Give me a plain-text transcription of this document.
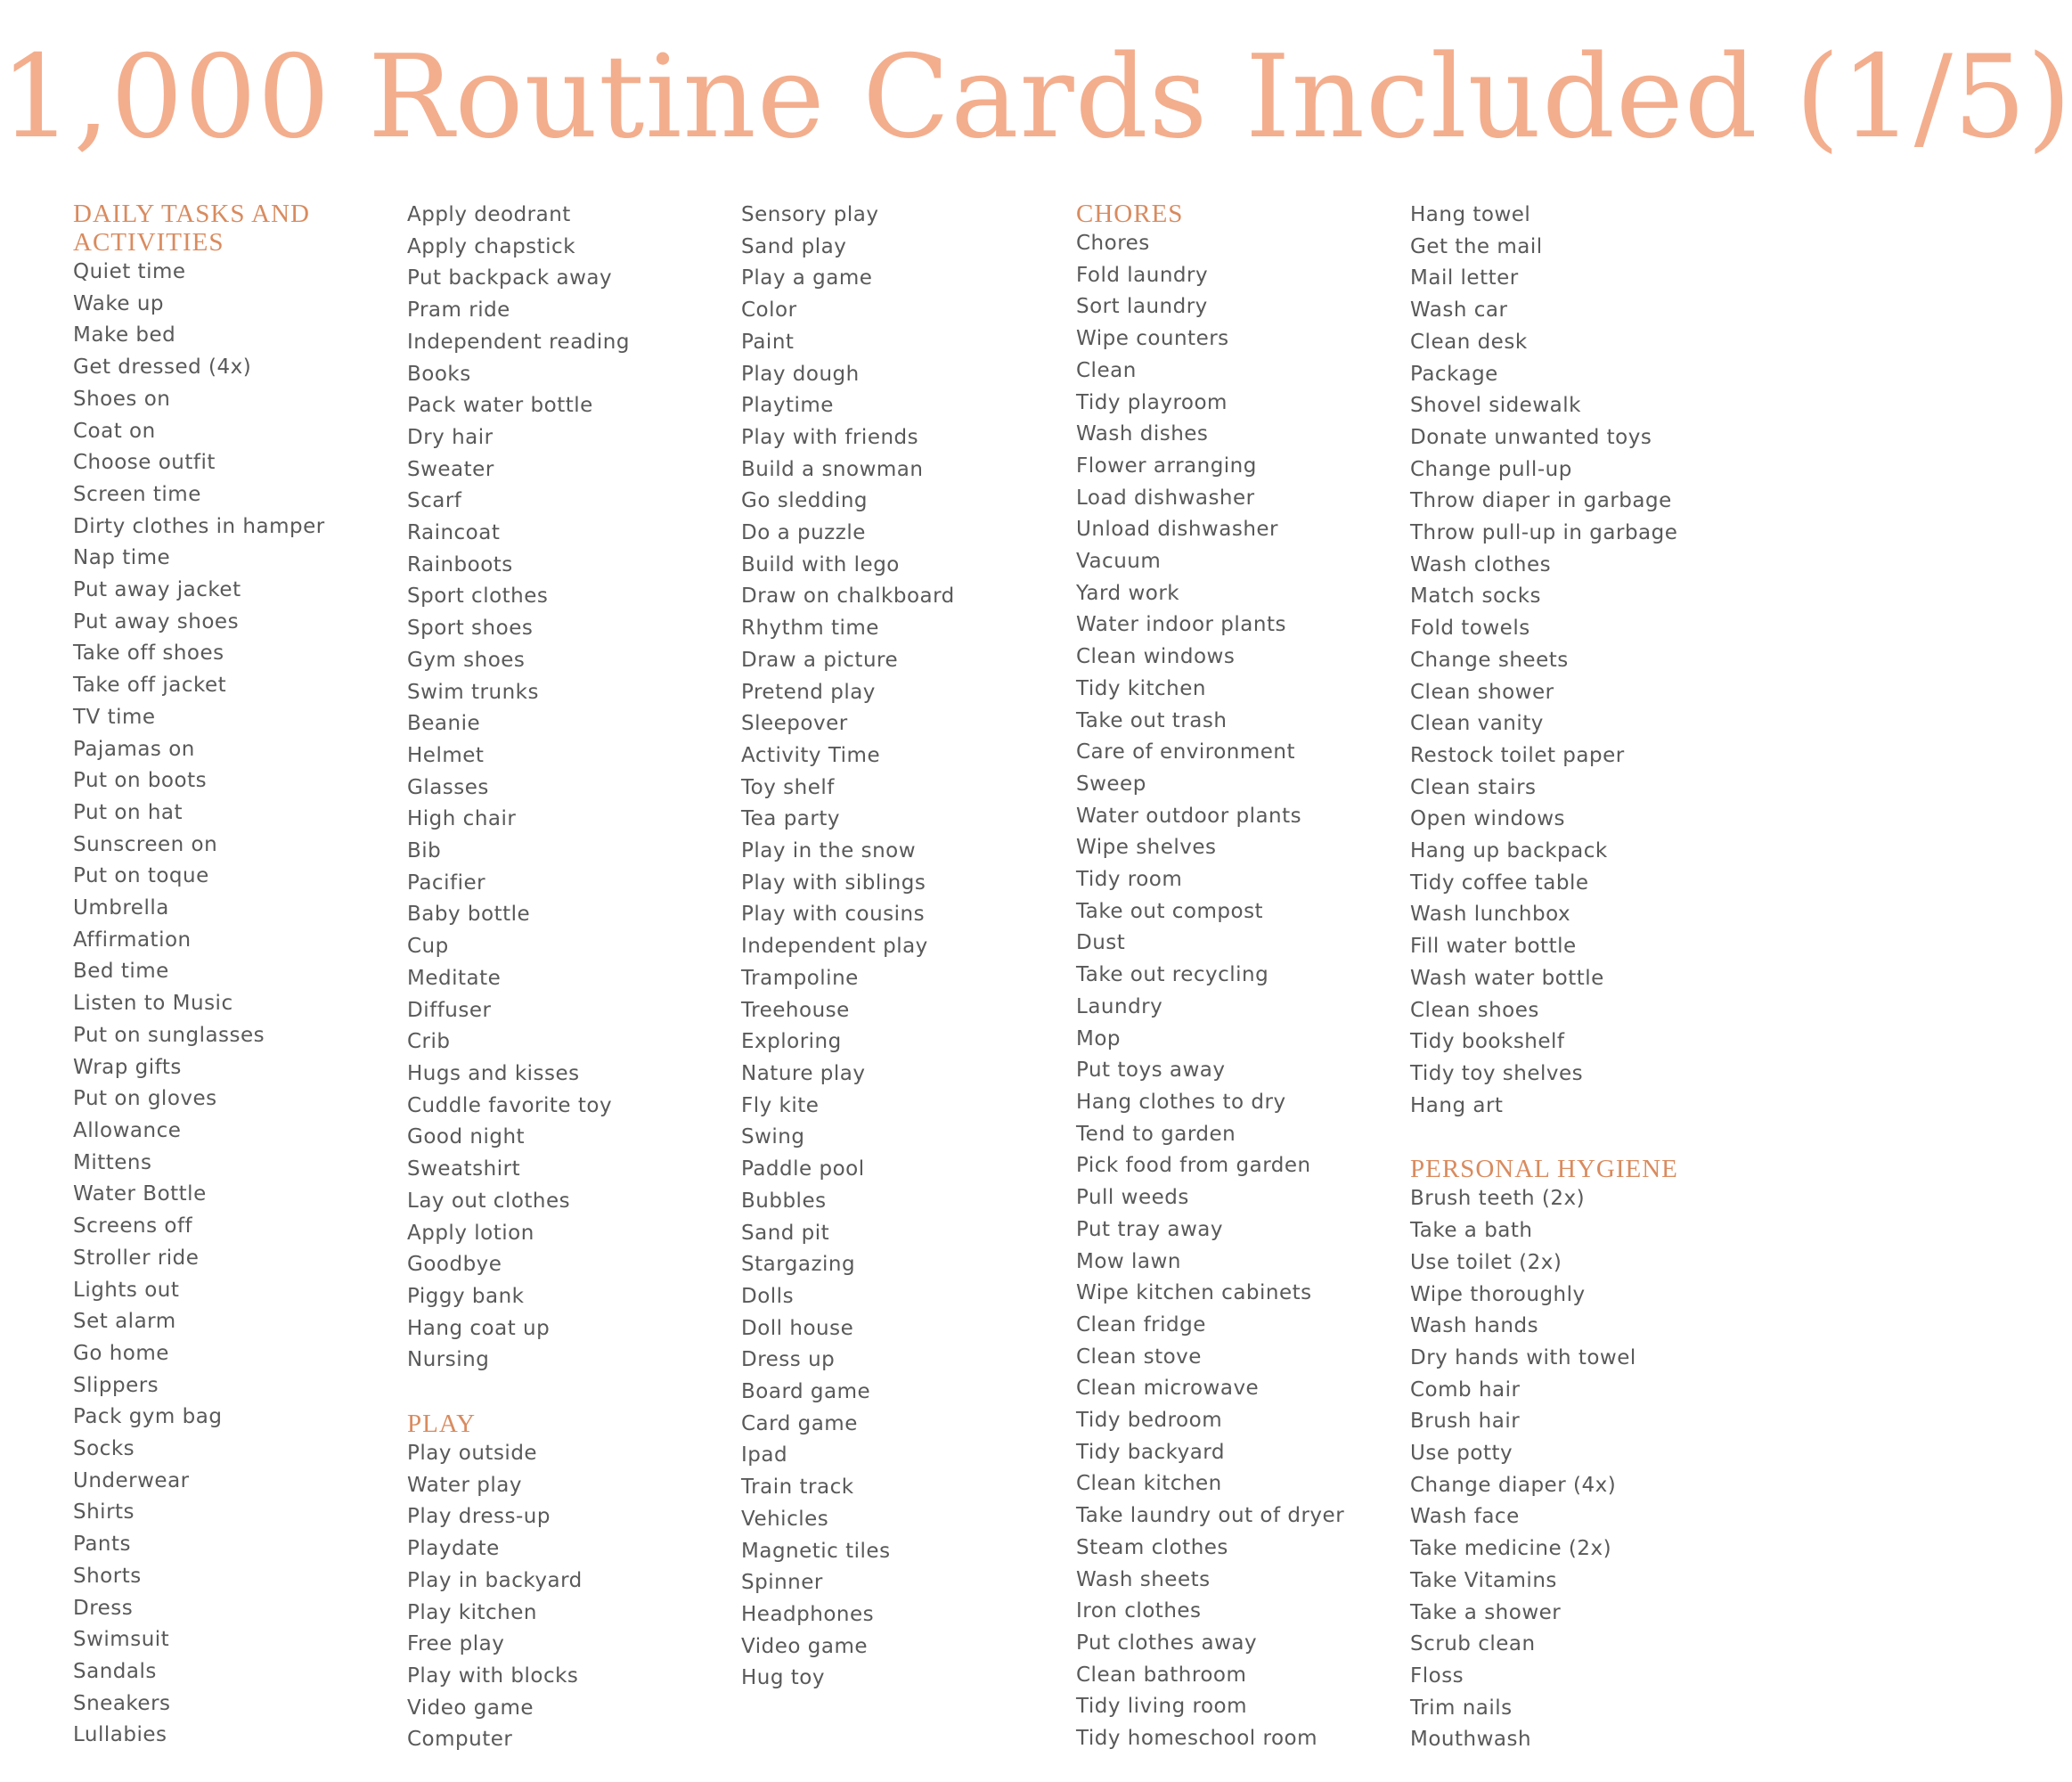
1,000 Routine Cards Included (1/5)
DAILY TASKS AND ACTIVITIES
Quiet time
Wake up
Make bed
Get dressed (4x)
Shoes on
Coat on
Choose outfit
Screen time
Dirty clothes in hamper
Nap time
Put away jacket
Put away shoes
Take off shoes
Take off jacket
TV time
Pajamas on
Put on boots
Put on hat
Sunscreen on
Put on toque
Umbrella
Affirmation
Bed time
Listen to Music
Put on sunglasses
Wrap gifts
Put on gloves
Allowance
Mittens
Water Bottle
Screens off
Stroller ride
Lights out
Set alarm
Go home
Slippers
Pack gym bag
Socks
Underwear
Shirts
Pants
Shorts
Dress
Swimsuit
Sandals
Sneakers
Lullabies
Apply deodrant
Apply chapstick
Put backpack away
Pram ride
Independent reading
Books
Pack water bottle
Dry hair
Sweater
Scarf
Raincoat
Rainboots
Sport clothes
Sport shoes
Gym shoes
Swim trunks
Beanie
Helmet
Glasses
High chair
Bib
Pacifier
Baby bottle
Cup
Meditate
Diffuser
Crib
Hugs and kisses
Cuddle favorite toy
Good night
Sweatshirt
Lay out clothes
Apply lotion
Goodbye
Piggy bank
Hang coat up
Nursing
PLAY
Play outside
Water play
Play dress-up
Playdate
Play in backyard
Play kitchen
Free play
Play with blocks
Video game
Computer
Sensory play
Sand play
Play a game
Color
Paint
Play dough
Playtime
Play with friends
Build a snowman
Go sledding
Do a puzzle
Build with lego
Draw on chalkboard
Rhythm time
Draw a picture
Pretend play
Sleepover
Activity Time
Toy shelf
Tea party
Play in the snow
Play with siblings
Play with cousins
Independent play
Trampoline
Treehouse
Exploring
Nature play
Fly kite
Swing
Paddle pool
Bubbles
Sand pit
Stargazing
Dolls
Doll house
Dress up
Board game
Card game
Ipad
Train track
Vehicles
Magnetic tiles
Spinner
Headphones
Video game
Hug toy
CHORES
Chores
Fold laundry
Sort laundry
Wipe counters
Clean
Tidy playroom
Wash dishes
Flower arranging
Load dishwasher
Unload dishwasher
Vacuum
Yard work
Water indoor plants
Clean windows
Tidy kitchen
Take out trash
Care of environment
Sweep
Water outdoor plants
Wipe shelves
Tidy room
Take out compost
Dust
Take out recycling
Laundry
Mop
Put toys away
Hang clothes to dry
Tend to garden
Pick food from garden
Pull weeds
Put tray away
Mow lawn
Wipe kitchen cabinets
Clean fridge
Clean stove
Clean microwave
Tidy bedroom
Tidy backyard
Clean kitchen
Take laundry out of dryer
Steam clothes
Wash sheets
Iron clothes
Put clothes away
Clean bathroom
Tidy living room
Tidy homeschool room
Hang towel
Get the mail
Mail letter
Wash car
Clean desk
Package
Shovel sidewalk
Donate unwanted toys
Change pull-up
Throw diaper in garbage
Throw pull-up in garbage
Wash clothes
Match socks
Fold towels
Change sheets
Clean shower
Clean vanity
Restock toilet paper
Clean stairs
Open windows
Hang up backpack
Tidy coffee table
Wash lunchbox
Fill water bottle
Wash water bottle
Clean shoes
Tidy bookshelf
Tidy toy shelves
Hang art
PERSONAL HYGIENE
Brush teeth (2x)
Take a bath
Use toilet (2x)
Wipe thoroughly
Wash hands
Dry hands with towel
Comb hair
Brush hair
Use potty
Change diaper (4x)
Wash face
Take medicine (2x)
Take Vitamins
Take a shower
Scrub clean
Floss
Trim nails
Mouthwash
